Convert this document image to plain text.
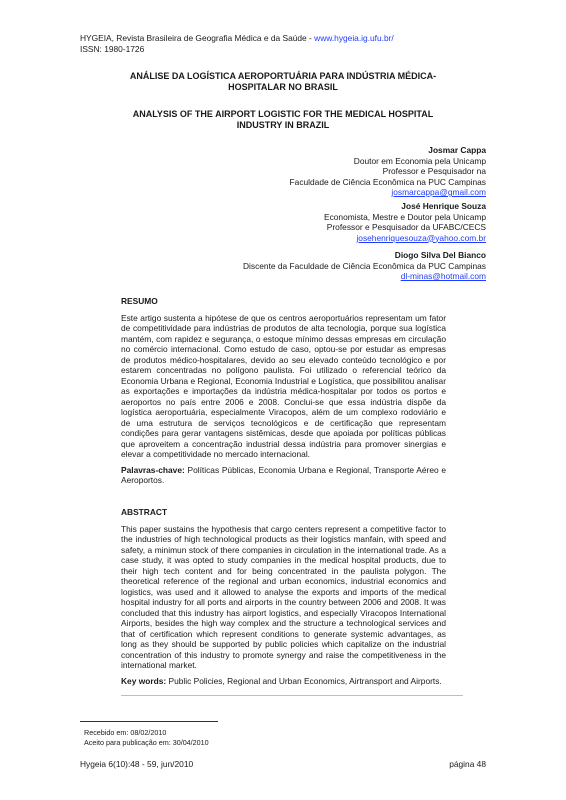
HYGEIA, Revista Brasileira de Geografia Médica e da Saúde - www.hygeia.ig.ufu.br/
ISSN: 1980-1726
ANÁLISE DA LOGÍSTICA AEROPORTUÁRIA PARA INDÚSTRIA MÉDICA-
HOSPITALAR NO BRASIL
ANALYSIS OF THE AIRPORT LOGISTIC FOR THE MEDICAL HOSPITAL
INDUSTRY IN BRAZIL
Josmar Cappa
Doutor em Economia pela Unicamp
Professor e Pesquisador na
Faculdade de Ciência Econômica na PUC Campinas
josmarcappa@gmail.com
José Henrique Souza
Economista, Mestre e Doutor pela Unicamp
Professor e Pesquisador da UFABC/CECS
josehenriquesouza@yahoo.com.br
Diogo Silva Del Bianco
Discente da Faculdade de Ciência Econômica da PUC Campinas
dl-minas@hotmail.com
RESUMO

Este artigo sustenta a hipótese de que os centros aeroportuários representam um fator de competitividade para indústrias de produtos de alta tecnologia, porque sua logística mantém, com rapidez e segurança, o estoque mínimo dessas empresas em circulação no comércio internacional. Como estudo de caso, optou-se por estudar as empresas de produtos médico-hospitalares, devido ao seu elevado conteúdo tecnológico e por estarem concentradas no polígono paulista. Foi utilizado o referencial teórico da Economia Urbana e Regional, Economia Industrial e Logística, que possibilitou analisar as exportações e importações da indústria médica-hospitalar por todos os portos e aeroportos no país entre 2006 e 2008. Conclui-se que essa indústria dispõe da logística aeroportuária, especialmente Viracopos, além de um complexo rodoviário e de uma estrutura de serviços tecnológicos e de certificação que representam condições para gerar vantagens sistêmicas, desde que apoiada por políticas públicas que aproveitem a concentração industrial dessa indústria para promover sinergias e elevar a competitividade no mercado internacional.

Palavras-chave: Políticas Públicas, Economia Urbana e Regional, Transporte Aéreo e Aeroportos.

ABSTRACT

This paper sustains the hypothesis that cargo centers represent a competitive factor to the industries of high technological products as their logistics manfain, with speed and safety, a minimun stock of there companies in circulation in the international trade. As a case study, it was opted to study companies in the medical hospital products, due to their high tech content and for being concentrated in the paulista polygon. The theoretical reference of the regional and urban economics, industrial economics and logistics, was used and it allowed to analyse the exports and imports of the medical hospital industry for all ports and airports in the country between 2006 and 2008. It was concluded that this industry has airport logistics, and especially Viracopos International Airports, besides the high way complex and the structure a technological services and that of certification which represent conditions to generate systemic advantages, as long as they should be supported by public policies which capitalize on the industrial concentration of this industry to promote synergy and raise the competitiveness in the international market.

Key words: Public Policies, Regional and Urban Economics, Airtransport and Airports.

Recebido em: 08/02/2010
Aceito para publicação em: 30/04/2010
Hygeia 6(10):48 - 59, jun/2010	página 48
